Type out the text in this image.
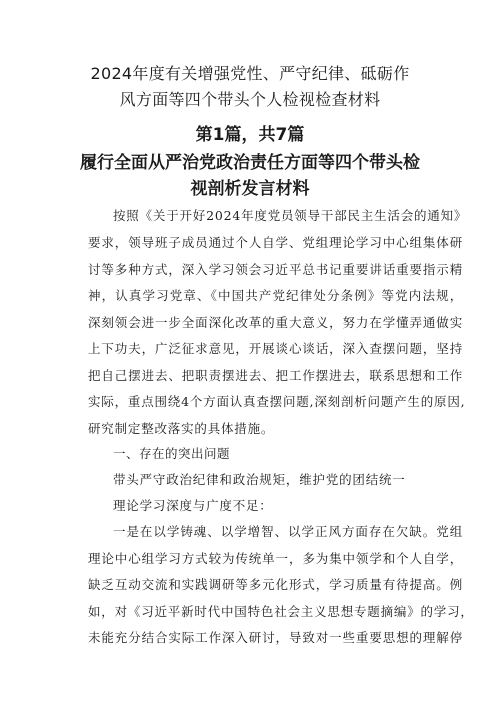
2024年度有关增强党性、严守纪律、砥砺作
风方面等四个带头个人检视检查材料
第1篇，共7篇
履行全面从严治党政治责任方面等四个带头检
视剖析发言材料
按照《关于开好2024年度党员领导干部民主生活会的通知》
要求，领导班子成员通过个人自学、党组理论学习中心组集体研
讨等多种方式，深入学习领会习近平总书记重要讲话重要指示精
神，认真学习党章、《中国共产党纪律处分条例》等党内法规，
深刻领会进一步全面深化改革的重大意义，努力在学懂弄通做实
上下功夫，广泛征求意见，开展谈心谈话，深入查摆问题，坚持
把自己摆进去、把职责摆进去、把工作摆进去，联系思想和工作
实际，重点围绕4个方面认真查摆问题,深刻剖析问题产生的原因,
研究制定整改落实的具体措施。
一、存在的突出问题
带头严守政治纪律和政治规矩，维护党的团结统一
理论学习深度与广度不足：
一是在以学铸魂、以学增智、以学正风方面存在欠缺。党组
理论中心组学习方式较为传统单一，多为集中领学和个人自学，
缺乏互动交流和实践调研等多元化形式，学习质量有待提高。例
如，对《习近平新时代中国特色社会主义思想专题摘编》的学习，
未能充分结合实际工作深入研讨，导致对一些重要思想的理解停
